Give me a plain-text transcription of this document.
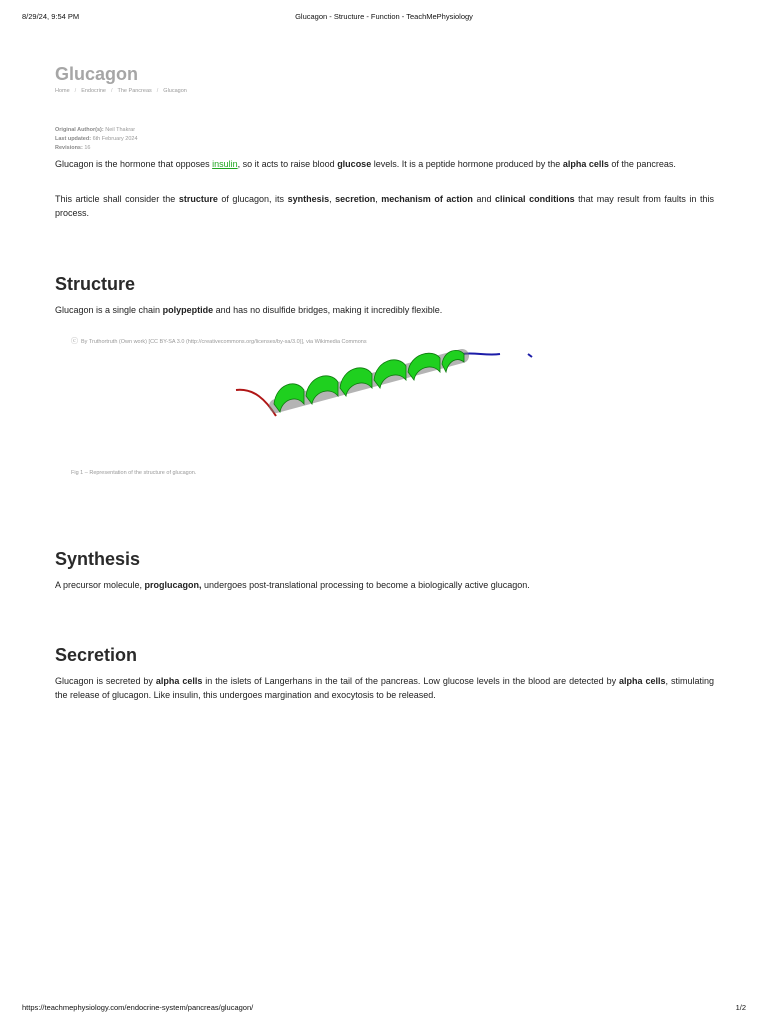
8/29/24, 9:54 PM	Glucagon - Structure - Function - TeachMePhysiology
Glucagon
Home / Endocrine / The Pancreas / Glucagon
Original Author(s): Neil Thakrar
Last updated: 6th February 2024
Revisions: 16

Glucagon is the hormone that opposes insulin, so it acts to raise blood glucose levels. It is a peptide hormone produced by the alpha cells of the pancreas.

This article shall consider the structure of glucagon, its synthesis, secretion, mechanism of action and clinical conditions that may result from faults in this process.

Structure

Glucagon is a single chain polypeptide and has no disulfide bridges, making it incredibly flexible.

ⓒ By Truthortruth (Own work) [CC BY-SA 3.0 (http://creativecommons.org/licenses/by-sa/3.0)], via Wikimedia Commons
Fig 1 – Representation of the structure of glucagon.
Synthesis

A precursor molecule, proglucagon, undergoes post-translational processing to become a biologically active glucagon.

Secretion

Glucagon is secreted by alpha cells in the islets of Langerhans in the tail of the pancreas. Low glucose levels in the blood are detected by alpha cells, stimulating the release of glucagon. Like insulin, this undergoes margination and exocytosis to be released.

https://teachmephysiology.com/endocrine-system/pancreas/glucagon/	1/2
